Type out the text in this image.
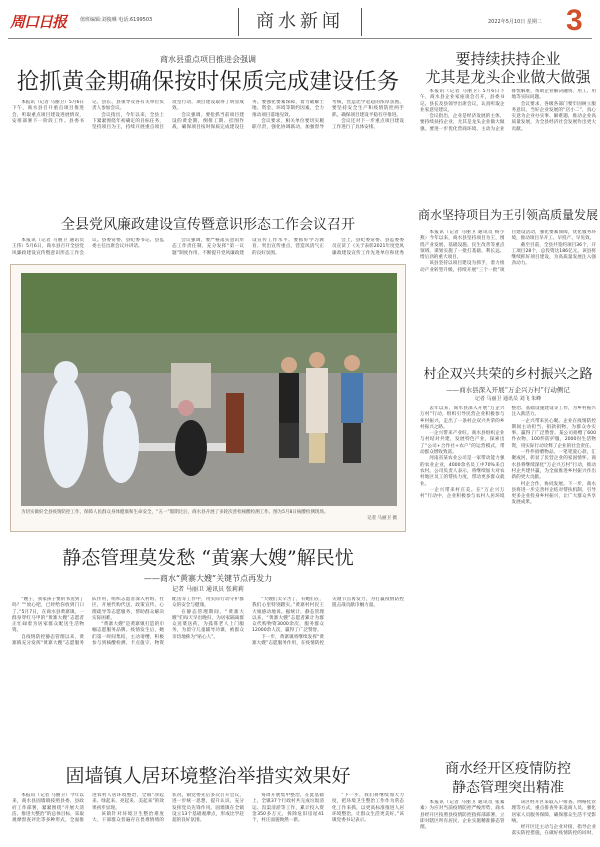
周口日报	值班编辑:刘俊琳 电话:6199503	商水新闻	2022年5月10日 星期二 3
商水县重点项目推进会强调
抢抓黄金期确保按时保质完成建设任务

本报讯（记者 马丽卫）5月6日下午，商水县召开重点项目推进会，听取重点项目建设进展情况，安排部署下一阶段工作。县委书记、县长、县领导及各有关单位负责人参加会议。

会议指出，今年以来，全县上下紧紧围绕年初确定的目标任务，坚持项目为王，持续开展重点项目攻坚行动，项目建设取得了明显成效。

会议强调，要抢抓当前项目建设的黄金期，倒排工期、挂图作战，确保项目按时保质完成建设任务。要强化要素保障，着力破解土地、资金、环境等制约因素，全力推动项目落地见效。

会议要求，相关单位要切实履职尽责，强化协调联动，加强督导考核，营造比学赶超的浓厚氛围。要坚持安全生产和疫情防控两手抓，确保项目建设平稳有序推进。

会议还对下一步重点项目建设工作进行了具体安排。

全县党风廉政建设宣传暨意识形态工作会议召开

本报讯（记者 马丽卫 通讯员 王伟）5月6日，商水县召开全县党风廉政建设宣传暨意识形态工作会议。县委常委、县纪委书记、县监委主任出席会议并讲话。

会议强调，要严格落实意识形态工作责任制，充分发挥“第一议题”制度作用，不断提升党风廉政建设宣传工作水平。要抓好学习教育、突出宣传重点，营造风清气正的良好氛围。

会上，县纪委常委、县监委委员宣读了《关于表彰2021年度党风廉政建设宣传工作先进单位和优秀

为切实做好全县疫情防控工作，保障人民群众身体健康和生命安全，“五一”假期过后，商水县开展了多轮次普检核酸检测工作。图为5月8日核酸检测现场。

记者 马丽卫 摄

静态管理莫发愁 “黄寨大嫂”解民忧
——商水“黄寨大嫂”关键节点再发力
记者 马丽卫 通讯员 张莉莉

“嫂子，我家孩子要的书送到了吗？”“放心吧，已经给你放到门口了。”5月7日，在商水县黄寨镇，一群身穿红马甲的“黄寨大嫂”志愿者正忙碌着为居家群众配送生活物资。

自疫情防控静态管理以来，黄寨镇充分发挥“黄寨大嫂”志愿服务队作用，组织志愿者深入村组、社区，开展代购代送、政策宣传、心理疏导等志愿服务，帮助群众解决实际困难。

“黄寨大嫂”是黄寨镇打造的巾帼志愿服务品牌。疫情发生后，她们第一时间集结，主动请缨，积极参与到核酸检测、卡点值守、物资配送等工作中，用实际行动守护群众的安全与健康。

在静态管理期间，“黄寨大嫂”们每天早出晚归，为居家隔离群众送菜送药，为孤寡老人上门服务，为留守儿童辅导功课，被群众亲切地称为“贴心人”。

“大嫂们太辛苦了，有她们在，我们心里特别踏实。”黄寨村村民王大娘感动地说。据统计，静态管理以来，“黄寨大嫂”志愿者累计为群众代购物资3000余次，服务群众12000余人次，赢得了广泛赞誉。

下一步，黄寨镇将继续发挥“黄寨大嫂”志愿服务作用，在疫情防控关键节点再发力，为打赢疫情防控阻击战贡献巾帼力量。

固墙镇人居环境整治举措实效果好

本报讯（记者 马丽卫）今年以来，商水县固墙镇按照县委、县政府工作部署，紧紧围绕“开展大清洁、推进大整治”的总体目标，采取观摩督查评比等多种形式，全面推进农村人居环境整治，全镇“净起来、绿起来、亮起来、美起来”的效果初步显现。

该镇针对环境卫生整治难度大、干部群众普遍存在畏难情绪的状况，镇党委先后多次召开会议，进一步统一思想，提升认识，充分发挥党员先锋作用。固墙镇在全镇设立13个基础观摩点，形成比学赶超的良好氛围。

每周开展集中整治，在此基础上，全镇37个行政村共完成垃圾清运、沟渠清淤等工作，累计投入资金350多万元，拆除危旧房屋41个，村庄面貌焕然一新。

“下一步，我们将继续加大力度，把环境卫生整治工作作为常态化工作来抓，以更高标准推进人居环境整治，让群众生活更美好。”该镇党委书记表示。

要持续扶持企业
尤其是龙头企业做大做强

本报讯（记者 马丽卫）5月6日下午，商水县企业家座谈会召开，县委书记、县长及县领导出席会议，认真听取企业家意见建议。

会议指出，企业是经济发展的主体，要持续扶持企业，尤其是龙头企业做大做强。要进一步优化营商环境，主动为企业排忧解难，帮助企业解决融资、用工、用地等实际问题。

会议要求，各级各部门要牢固树立服务意识，当好企业发展的“店小二”，真心实意为企业办实事、解难题，推动企业高质量发展，为全县经济社会发展作出更大贡献。

商水坚持项目为王引领高质量发展

本报讯（记者 马丽卫 通讯员 杨小燕）今年以来，商水县坚持项目为王，围绕产业发展、基础设施、民生改善等重点领域，谋划实施了一批打基础、利长远、增后劲的重大项目。

该县坚持以项目建设为抓手，着力推动产业转型升级，持续开展“三个一批”项目建设活动，强化要素保障，优化服务环境，推动项目早开工、早投产、早见效。

截至目前，全县共签约项目36个，开工项目28个，总投资达186亿元。该县将继续抓好项目建设，为高质量发展注入强劲动力。

村企双兴共荣的乡村振兴之路
——商水县深入开展“万企兴万村”行动侧记
记者 马丽卫 通讯员 刘飞 朱峰

去年以来，商水县深入开展“万企兴万村”行动，组织引导民营企业积极参与乡村振兴，走出了一条村企双兴共荣的乡村振兴之路。

一企兴带来产业旺。商水县组织企业与村结对共建，发展特色产业，探索出了“公司+合作社+农户”的运营模式，带动群众增收致富。

河南省某农业公司是一家带动能力强的农业企业，4000余名员工中70%来自农村。公司负责人表示，将继续加大对农村地区员工的帮扶力度，带动更多群众就业。

一企兴带来村庄美。在“万企兴万村”行动中，企业积极参与农村人居环境整治、基础设施建设等工作，为乡村振兴注入新活力。

一企兴带来民心聚。企业在疫情防控期间主动担当，捐款捐物，为群众办实事，赢得了广泛赞誉。某公司捐赠了600件衣物，100件防护服，2000份生活物资，用实际行动诠释了企业的社会责任。

一件件捐赠物品，一笔笔爱心款，汇聚成河，彰显了民营企业的家国情怀。商水县将继续深化“万企兴万村”行动，推动村企共建共赢，为全面推进乡村振兴作出新的更大贡献。

村企合作，协同发展。下一步，商水县将进一步完善村企结对帮扶机制，引导更多企业投身乡村振兴，让广大群众共享发展成果。

商水经开区疫情防控
静态管理突出精准

本报讯（记者 马丽卫 通讯员 张素素）为应对当前疫情防控严峻形势，商水县经开区按照县疫情防控指挥部部署，立即对辖区所有居民、企业实施精准静态管理。

该区经开区采取入户排查、网格化管理等方式，重点排查外来返商人员，强化居家人员服务保障，确保群众生活不受影响。

经开区还主动与企业对接，指导企业落实防控措施，在做好疫情防控的同时，
